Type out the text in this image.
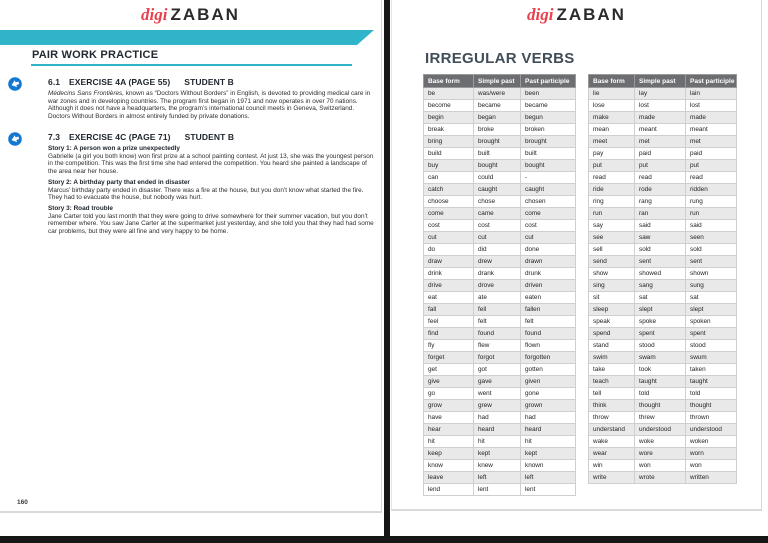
digi ZABAN
PAIR WORK PRACTICE
6.1	EXERCISE 4A (PAGE 55) STUDENT B
Médecins Sans Frontières, known as “Doctors Without Borders” in English, is devoted to providing medical care in war zones and in developing countries. The program first began in 1971 and now operates in over 70 nations. Although it does not have a headquarters, the program’s international council meets in Geneva, Switzerland. Doctors Without Borders in almost entirely funded by private donations.
7.3	EXERCISE 4C (PAGE 71) STUDENT B
Story 1: A person won a prize unexpectedly
Gabrielle (a girl you both know) won first prize at a school painting contest. At just 13, she was the youngest person in the competition. This was the first time she had entered the competition. You heard she painted a landscape of the area near her house.
Story 2: A birthday party that ended in disaster
Marcus’ birthday party ended in disaster. There was a fire at the house, but you don’t know what started the fire. They had to evacuate the house, but nobody was hurt.
Story 3: Road trouble
Jane Carter told you last month that they were going to drive somewhere for their summer vacation, but you don’t remember where. You saw Jane Carter at the supermarket just yesterday, and she told you that they had had some car problems, but they were all fine and very happy to be home.
160
digi ZABAN
IRREGULAR VERBS
Base form	Simple past	Past participle
be	was/were	been
become	became	became
begin	began	begun
break	broke	broken
bring	brought	brought
build	built	built
buy	bought	bought
can	could	-
catch	caught	caught
choose	chose	chosen
come	came	come
cost	cost	cost
cut	cut	cut
do	did	done
draw	drew	drawn
drink	drank	drunk
drive	drove	driven
eat	ate	eaten
fall	fell	fallen
feel	felt	felt
find	found	found
fly	flew	flown
forget	forgot	forgotten
get	got	gotten
give	gave	given
go	went	gone
grow	grew	grown
have	had	had
hear	heard	heard
hit	hit	hit
keep	kept	kept
know	knew	known
leave	left	left
lend	lent	lent
Base form	Simple past	Past participle
lie	lay	lain
lose	lost	lost
make	made	made
mean	meant	meant
meet	met	met
pay	paid	paid
put	put	put
read	read	read
ride	rode	ridden
ring	rang	rung
run	ran	run
say	said	said
see	saw	seen
sell	sold	sold
send	sent	sent
show	showed	shown
sing	sang	sung
sit	sat	sat
sleep	slept	slept
speak	spoke	spoken
spend	spent	spent
stand	stood	stood
swim	swam	swum
take	took	taken
teach	taught	taught
tell	told	told
think	thought	thought
throw	threw	thrown
understand	understood	understood
wake	woke	woken
wear	wore	worn
win	won	won
write	wrote	written
